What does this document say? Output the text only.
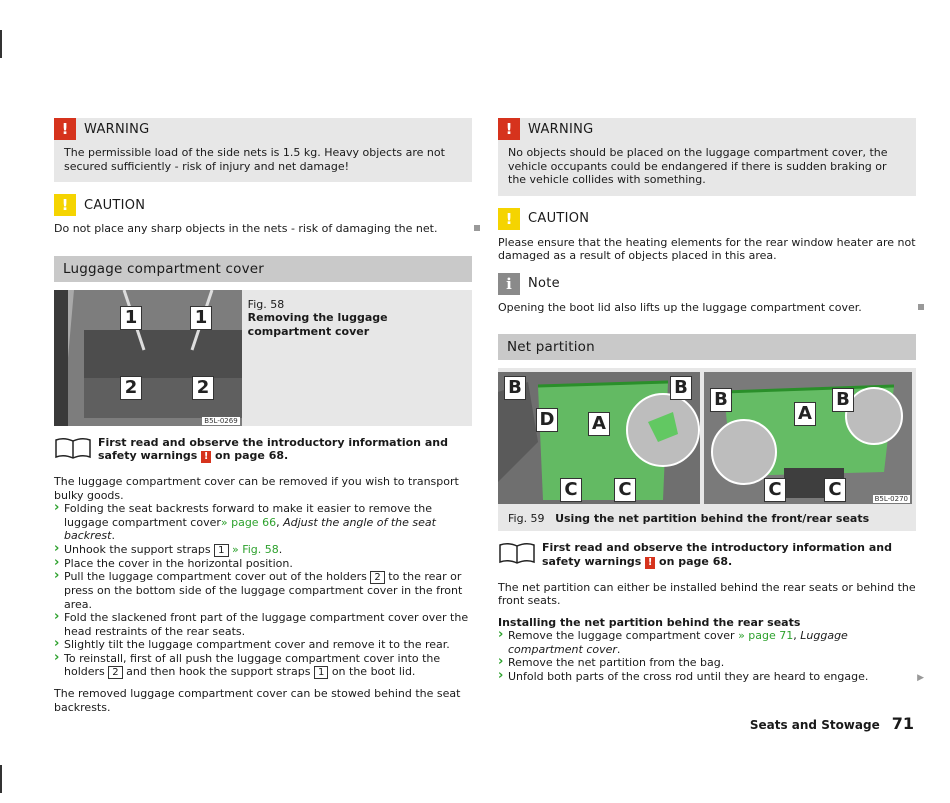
!	WARNING

The permissible load of the side nets is 1.5 kg. Heavy objects are not secured sufficiently - risk of injury and net damage!

!	CAUTION

Do not place any sharp objects in the nets - risk of damaging the net.

Luggage compartment cover
1	1
2	2
B5L-0269
Fig. 58
Removing the luggage compartment cover

First read and observe the introductory information and safety warnings ! on page 68.

The luggage compartment cover can be removed if you wish to transport bulky goods.

› Folding the seat backrests forward to make it easier to remove the luggage compartment cover» page 66, Adjust the angle of the seat backrest.
› Unhook the support straps 1 » Fig. 58.
› Place the cover in the horizontal position.
› Pull the luggage compartment cover out of the holders 2 to the rear or press on the bottom side of the luggage compartment cover in the front area.
› Fold the slackened front part of the luggage compartment cover over the head restraints of the rear seats.
› Slightly tilt the luggage compartment cover and remove it to the rear.
› To reinstall, first of all push the luggage compartment cover into the holders 2 and then hook the support straps 1 on the boot lid.

The removed luggage compartment cover can be stowed behind the seat backrests.

!	WARNING

No objects should be placed on the luggage compartment cover, the vehicle occupants could be endangered if there is sudden braking or the vehicle collides with something.

!	CAUTION

Please ensure that the heating elements for the rear window heater are not damaged as a result of objects placed in this area.

i	Note

Opening the boot lid also lifts up the luggage compartment cover.

Net partition
B	B
D A
C C
B	B
A
C	C	B5L-0270
Fig. 59 Using the net partition behind the front/rear seats

First read and observe the introductory information and safety warnings ! on page 68.

The net partition can either be installed behind the rear seats or behind the front seats.

Installing the net partition behind the rear seats

› Remove the luggage compartment cover » page 71, Luggage compartment cover.
› Remove the net partition from the bag.
› Unfold both parts of the cross rod until they are heard to engage.	▶
Seats and Stowage 71
